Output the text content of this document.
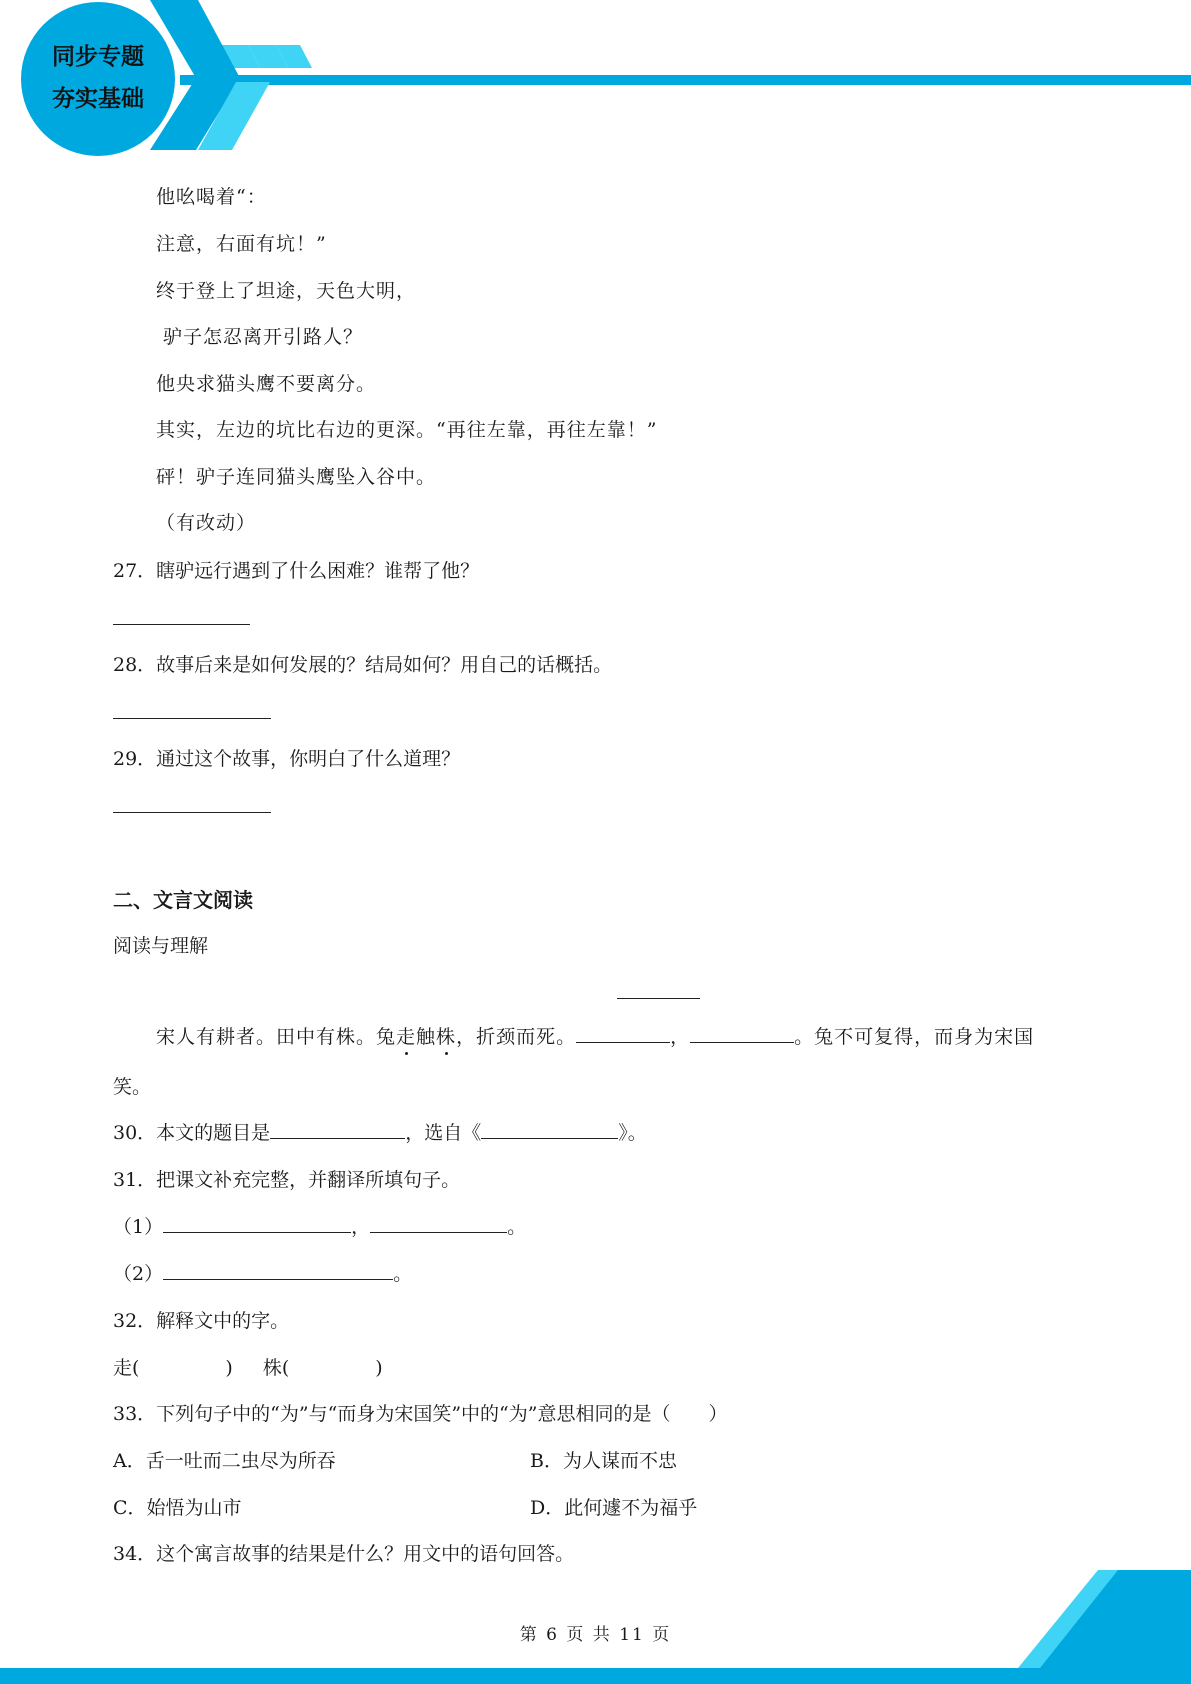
同步专题
夯实基础
他吆喝着“：
注意，右面有坑！”
终于登上了坦途，天色大明，
驴子怎忍离开引路人？
他央求猫头鹰不要离分。
其实，左边的坑比右边的更深。“再往左靠，再往左靠！”
砰！驴子连同猫头鹰坠入谷中。
（有改动）
27．瞎驴远行遇到了什么困难？谁帮了他？
28．故事后来是如何发展的？结局如何？用自己的话概括。
29．通过这个故事，你明白了什么道理？
二、文言文阅读
阅读与理解
宋人有耕者。田中有株。兔走触株，折颈而死。	，	。兔不可复得，而身为宋国
笑。
30．本文的题目是	，选自《	》。
31．把课文补充完整，并翻译所填句子。
（1）	，	。
（2）	。
32．解释文中的字。
走(	) 株(	)
33．下列句子中的“为”与“而身为宋国笑”中的“为”意思相同的是（　　）
A．舌一吐而二虫尽为所吞	B．为人谋而不忠
C．始悟为山市	D．此何遽不为福乎
34．这个寓言故事的结果是什么？用文中的语句回答。
第 6 页 共 11 页
